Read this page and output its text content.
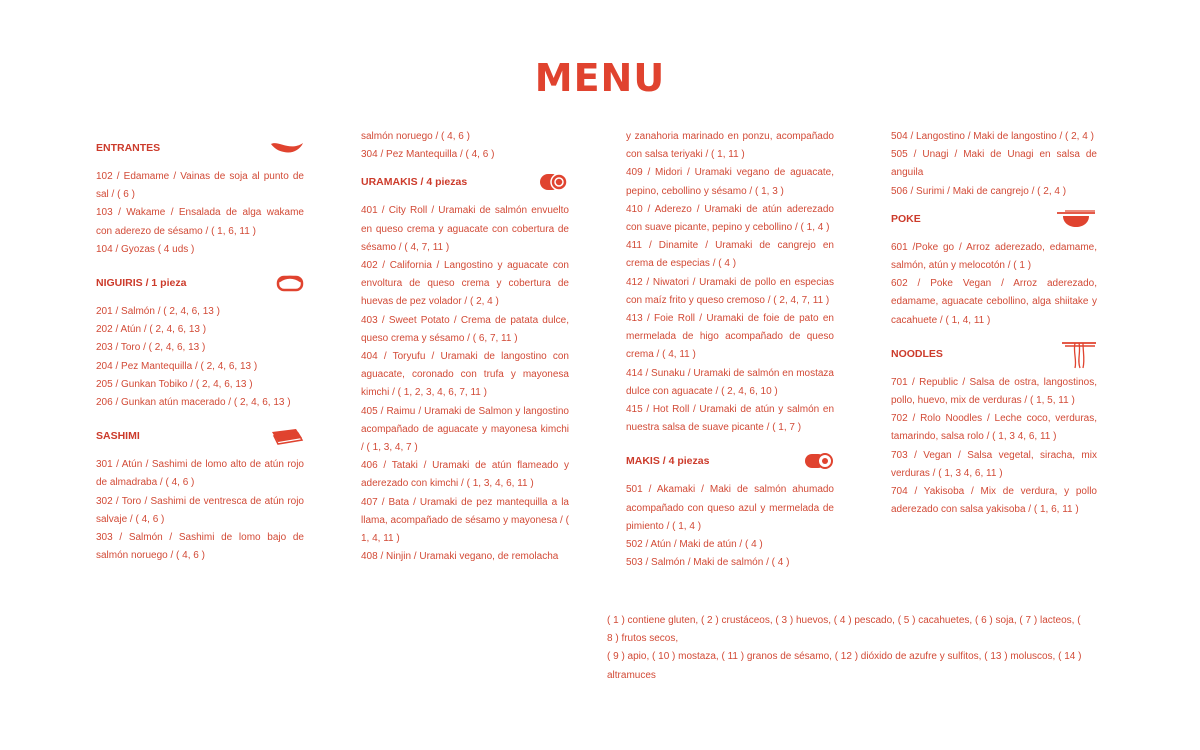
MENU
ENTRANTES

102 / Edamame / Vainas de soja al punto de sal / ( 6 )

103 / Wakame / Ensalada de alga wakame con aderezo de sésamo / ( 1, 6, 11 )

104 / Gyozas ( 4 uds )

NIGUIRIS / 1 pieza

201 / Salmón / ( 2, 4, 6, 13 )

202 / Atún / ( 2, 4, 6, 13 )

203 / Toro / ( 2, 4, 6, 13 )

204 / Pez Mantequilla / ( 2, 4, 6, 13 )

205 / Gunkan Tobiko / ( 2, 4, 6, 13 )

206 / Gunkan atún macerado / ( 2, 4, 6, 13 )

SASHIMI

301 / Atún / Sashimi de lomo alto de atún rojo de almadraba / ( 4, 6 )

302 / Toro / Sashimi de ventresca de atún rojo salvaje / ( 4, 6 )

303 / Salmón / Sashimi de lomo bajo de salmón noruego / ( 4, 6 )

salmón noruego / ( 4, 6 )

304 / Pez Mantequilla / ( 4, 6 )

URAMAKIS / 4 piezas

401 / City Roll / Uramaki de salmón envuelto en queso crema y aguacate con cobertura de sésamo / ( 4, 7, 11 )

402 / California / Langostino y aguacate con envoltura de queso crema y cobertura de huevas de pez volador / ( 2, 4 )

403 / Sweet Potato / Crema de patata dulce, queso crema y sésamo / ( 6, 7, 11 )

404 / Toryufu / Uramaki de langostino con aguacate, coronado con trufa y mayonesa kimchi / ( 1, 2, 3, 4, 6, 7, 11 )

405 / Raimu / Uramaki de Salmon y langostino acompañado de aguacate y mayonesa kimchi / ( 1, 3, 4, 7 )

406 / Tataki / Uramaki de atún flameado y aderezado con kimchi / ( 1, 3, 4, 6, 11 )

407 / Bata / Uramaki de pez mantequilla a la llama, acompañado de sésamo y mayonesa / ( 1, 4, 11 )

408 / Ninjin / Uramaki vegano, de remolacha

y zanahoria marinado en ponzu, acompañado con salsa teriyaki / ( 1, 11 )

409 / Midori / Uramaki vegano de aguacate, pepino, cebollino y sésamo / ( 1, 3 )

410 / Aderezo / Uramaki de atún aderezado con suave picante, pepino y cebollino / ( 1, 4 )

411 / Dinamite / Uramaki de cangrejo en crema de especias / ( 4 )

412 / Niwatori / Uramaki de pollo en especias con maíz frito y queso cremoso / ( 2, 4, 7, 11 )

413 / Foie Roll / Uramaki de foie de pato en mermelada de higo acompañado de queso crema / ( 4, 11 )

414 / Sunaku / Uramaki de salmón en mostaza dulce con aguacate / ( 2, 4, 6, 10 )

415 / Hot Roll / Uramaki de atún y salmón en nuestra salsa de suave picante / ( 1, 7 )

MAKIS / 4 piezas

501 / Akamaki / Maki de salmón ahumado acompañado con queso azul y mermelada de pimiento / ( 1, 4 )

502 / Atún / Maki de atún / ( 4 )

503 / Salmón / Maki de salmón / ( 4 )

504 / Langostino / Maki de langostino / ( 2, 4 )

505 / Unagi / Maki de Unagi en salsa de anguila

506 / Surimi / Maki de cangrejo / ( 2, 4 )

POKE

601 /Poke go / Arroz aderezado, edamame, salmón, atún y melocotón / ( 1 )

602 / Poke Vegan / Arroz aderezado, edamame, aguacate cebollino, alga shiitake y cacahuete / ( 1, 4, 11 )

NOODLES

701 / Republic / Salsa de ostra, langostinos, pollo, huevo, mix de verduras / ( 1, 5, 11 )

702 / Rolo Noodles / Leche coco, verduras, tamarindo, salsa rolo / ( 1, 3 4, 6, 11 )

703 / Vegan / Salsa vegetal, siracha, mix verduras / ( 1, 3 4, 6, 11 )

704 / Yakisoba / Mix de verdura, y pollo aderezado con salsa yakisoba / ( 1, 6, 11 )

( 1 ) contiene gluten, ( 2 ) crustáceos, ( 3 ) huevos, ( 4 ) pescado, ( 5 ) cacahuetes, ( 6 ) soja, ( 7 ) lacteos, ( 8 ) frutos secos,

( 9 ) apio, ( 10 ) mostaza, ( 11 ) granos de sésamo, ( 12 ) dióxido de azufre y sulfitos, ( 13 ) moluscos, ( 14 ) altramuces
